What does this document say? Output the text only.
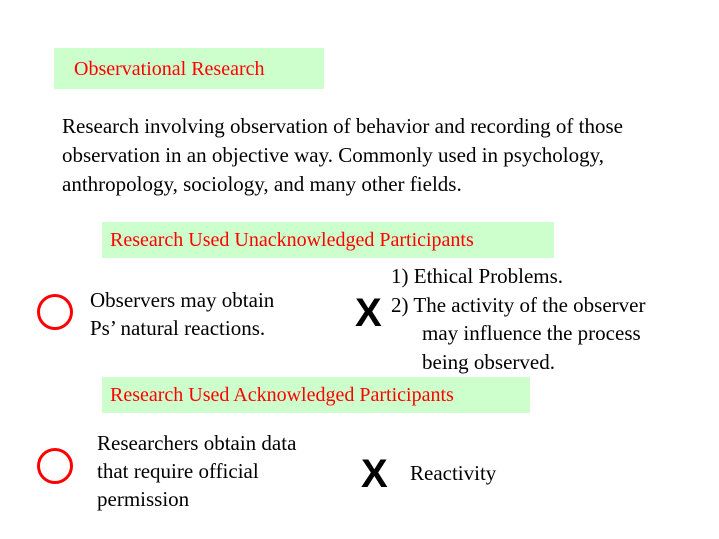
Observational Research

Research involving observation of behavior and recording of those observation in an objective way. Commonly used in psychology, anthropology, sociology, and many other fields.

Research Used Unacknowledged Participants
Observers may obtain
Ps’ natural reactions.	X
1) Ethical Problems.
2) The activity of the observer
may influence the process
being observed.
Research Used Acknowledged Participants
Researchers obtain data
that require official
permission
X Reactivity
